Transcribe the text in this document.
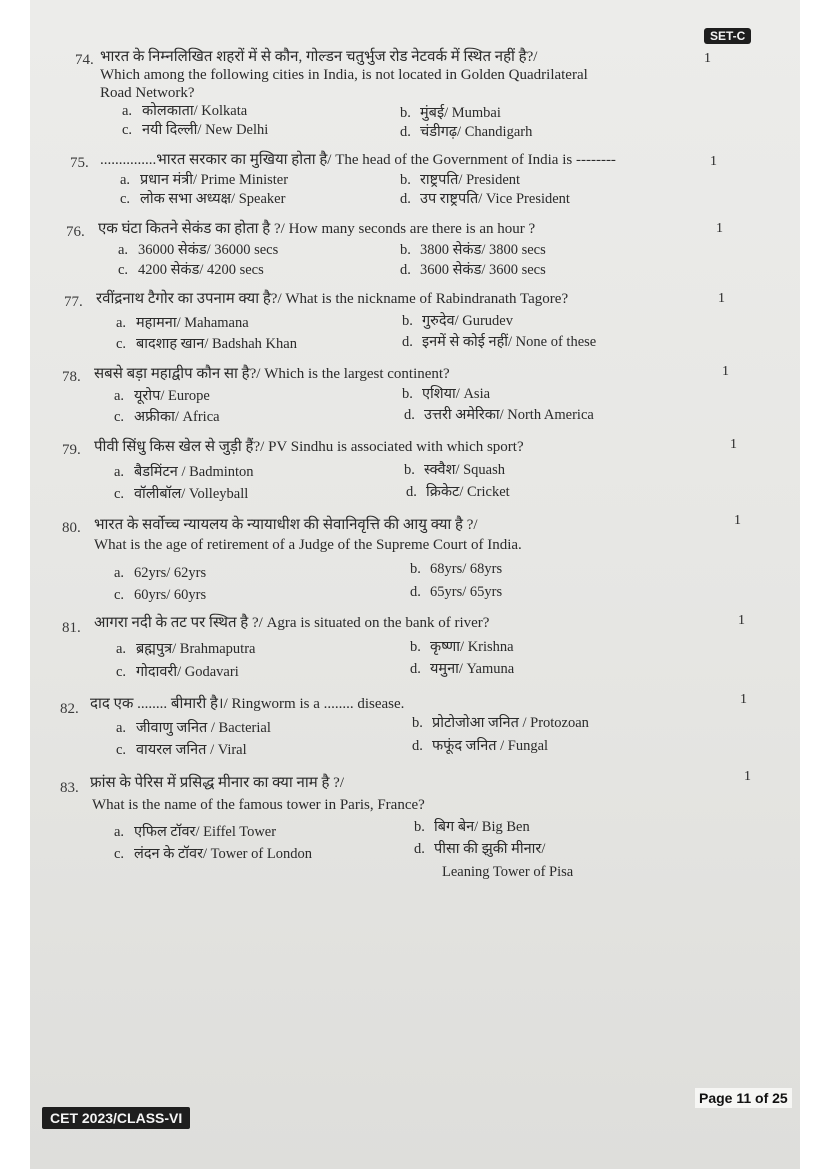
SET-C
74. भारत के निम्नलिखित शहरों में से कौन, गोल्डन चतुर्भुज रोड नेटवर्क में स्थित नहीं है?/
Which among the following cities in India, is not located in Golden Quadrilateral
Road Network?
1
a. कोलकाता/ Kolkata	b. मुंबई/ Mumbai
c. नयी दिल्ली/ New Delhi	d. चंडीगढ़/ Chandigarh
75. ...............भारत सरकार का मुखिया होता है/ The head of the Government of India is --------	1
a. प्रधान मंत्री/ Prime Minister	b. राष्ट्रपति/ President
c. लोक सभा अध्यक्ष/ Speaker	d. उप राष्ट्रपति/ Vice President
76. एक घंटा कितने सेकंड का होता है ?/ How many seconds are there is an hour ?	1
a. 36000 सेकंड/ 36000 secs	b. 3800 सेकंड/ 3800 secs
c. 4200 सेकंड/ 4200 secs	d. 3600 सेकंड/ 3600 secs
77. रवींद्रनाथ टैगोर का उपनाम क्या है?/ What is the nickname of Rabindranath Tagore?	1
a. महामना/ Mahamana	b. गुरुदेव/ Gurudev
c. बादशाह खान/ Badshah Khan	d. इनमें से कोई नहीं/ None of these
78. सबसे बड़ा महाद्वीप कौन सा है?/ Which is the largest continent?	1
a. यूरोप/ Europe	b. एशिया/ Asia
c. अफ्रीका/ Africa	d. उत्तरी अमेरिका/ North America
79. पीवी सिंधु किस खेल से जुड़ी हैं?/ PV Sindhu is associated with which sport?	1
a. बैडमिंटन / Badminton	b. स्क्वैश/ Squash
c. वॉलीबॉल/ Volleyball	d. क्रिकेट/ Cricket
80. भारत के सर्वोच्च न्यायलय के न्यायाधीश की सेवानिवृत्ति की आयु क्या है ?/
What is the age of retirement of a Judge of the Supreme Court of India.
1
a. 62yrs/ 62yrs	b. 68yrs/ 68yrs
c. 60yrs/ 60yrs	d. 65yrs/ 65yrs
81. आगरा नदी के तट पर स्थित है ?/ Agra is situated on the bank of river?	1
a. ब्रह्मपुत्र/ Brahmaputra	b. कृष्णा/ Krishna
c. गोदावरी/ Godavari	d. यमुना/ Yamuna
82. दाद एक ........ बीमारी है।/ Ringworm is a ........ disease.	1
a. जीवाणु जनित / Bacterial	b. प्रोटोजोआ जनित / Protozoan
c. वायरल जनित / Viral	d. फफूंद जनित / Fungal
83. फ्रांस के पेरिस में प्रसिद्ध मीनार का क्या नाम है ?/
What is the name of the famous tower in Paris, France?
1
a. एफिल टॉवर/ Eiffel Tower	b. बिग बेन/ Big Ben
c. लंदन के टॉवर/ Tower of London	d. पीसा की झुकी मीनार/
Leaning Tower of Pisa
Page 11 of 25
CET 2023/CLASS-VI
